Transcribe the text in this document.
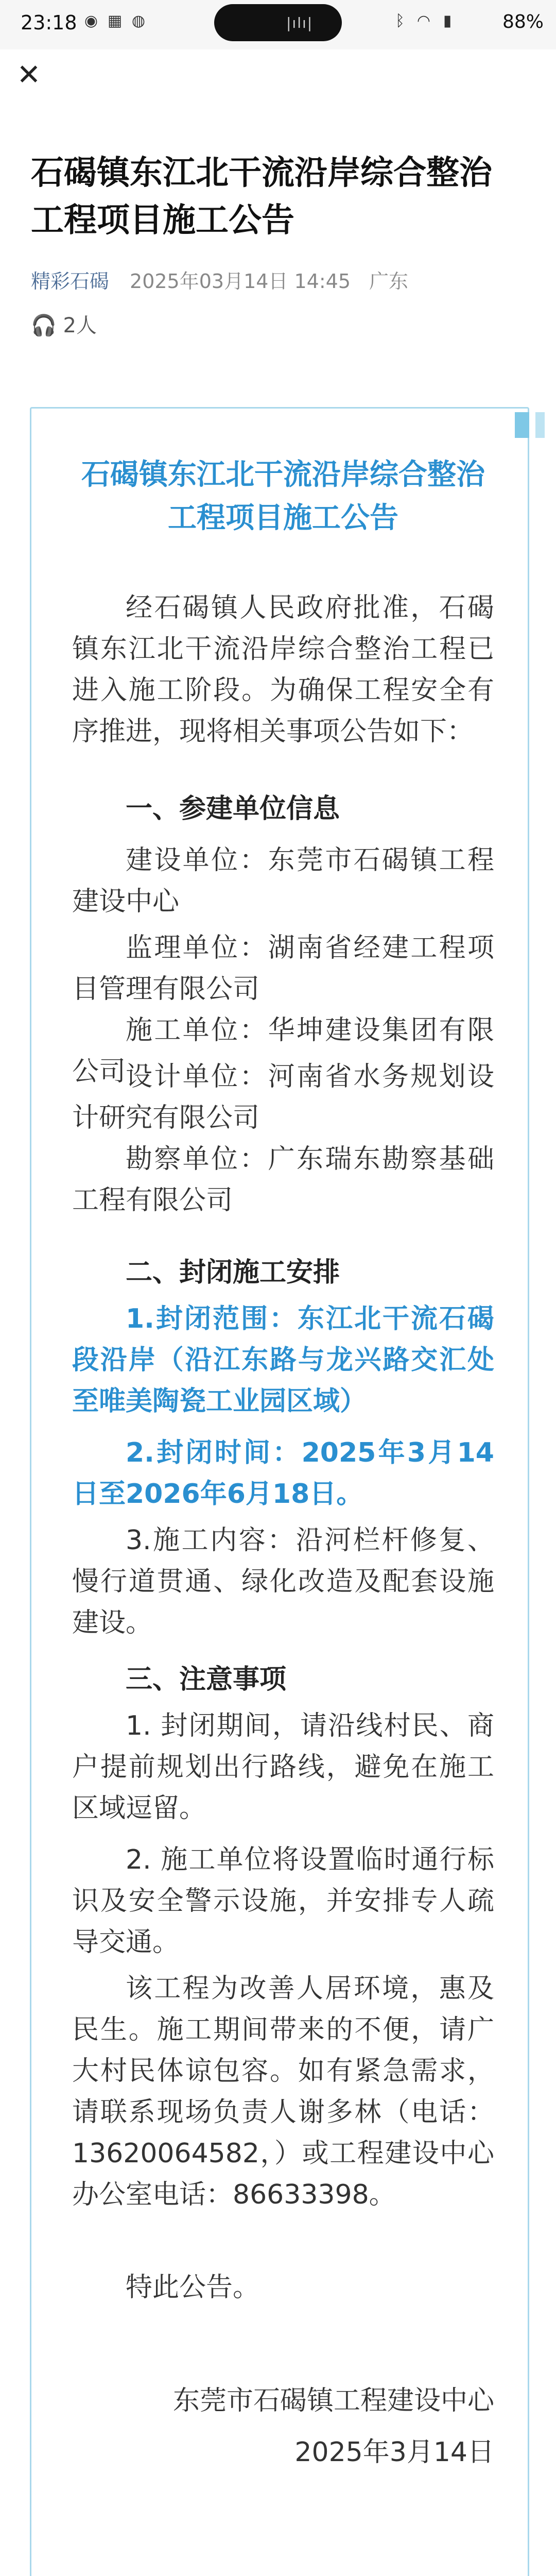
23:18 ◉ ▦ ◍	|ılı|	ᛒ ◠ ▮	88%
✕
石碣镇东江北干流沿岸综合整治工程项目施工公告
精彩石碣 2025年03月14日 14:45 广东
🎧 2人
石碣镇东江北干流沿岸综合整治工程项目施工公告
经石碣镇人民政府批准，石碣镇东江北干流沿岸综合整治工程已进入施工阶段。为确保工程安全有序推进，现将相关事项公告如下：
一、参建单位信息
建设单位：东莞市石碣镇工程建设中心
监理单位：湖南省经建工程项目管理有限公司
施工单位：华坤建设集团有限公司 设计单位：河南省水务规划设计研究有限公司
勘察单位：广东瑞东勘察基础工程有限公司
二、封闭施工安排
1.封闭范围：东江北干流石碣段沿岸（沿江东路与龙兴路交汇处至唯美陶瓷工业园区域）
2.封闭时间：2025年3月14日至2026年6月18日。
3.施工内容：沿河栏杆修复、慢行道贯通、绿化改造及配套设施建设。
三、注意事项
1. 封闭期间，请沿线村民、商户提前规划出行路线，避免在施工区域逗留。
2. 施工单位将设置临时通行标识及安全警示设施，并安排专人疏导交通。
该工程为改善人居环境，惠及民生。施工期间带来的不便，请广大村民体谅包容。如有紧急需求，请联系现场负责人谢多林（电话：13620064582，）或工程建设中心办公室电话：86633398。
特此公告。
东莞市石碣镇工程建设中心
2025年3月14日
